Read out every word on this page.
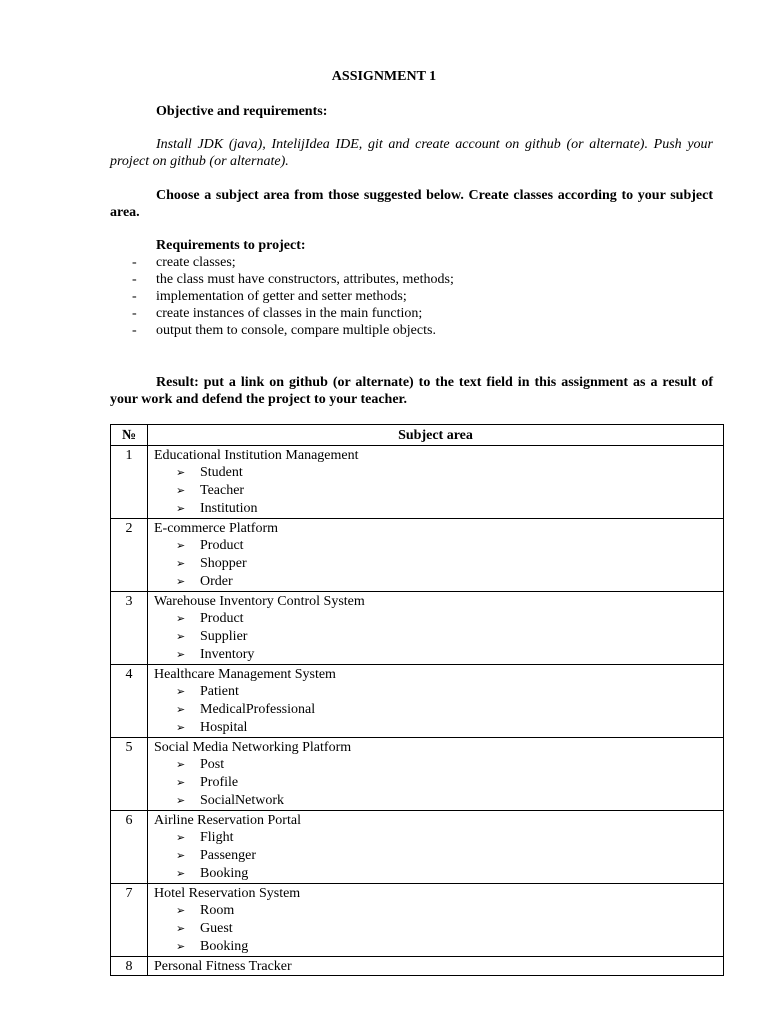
ASSIGNMENT 1
Objective and requirements:
Install JDK (java), IntelijIdea IDE, git and create account on github (or alternate). Push your project on github (or alternate).
Choose a subject area from those suggested below. Create classes according to your subject area.
Requirements to project:
- create classes;
- the class must have constructors, attributes, methods;
- implementation of getter and setter methods;
- create instances of classes in the main function;
- output them to console, compare multiple objects.
Result: put a link on github (or alternate) to the text field in this assignment as a result of your work and defend the project to your teacher.
№	Subject area
1	Educational Institution Management
➢ Student
➢ Teacher
➢ Institution

2	E-commerce Platform
➢ Product
➢ Shopper
➢ Order

3	Warehouse Inventory Control System
➢ Product
➢ Supplier
➢ Inventory

4	Healthcare Management System
➢ Patient
➢ MedicalProfessional
➢ Hospital

5	Social Media Networking Platform
➢ Post
➢ Profile
➢ SocialNetwork

6	Airline Reservation Portal
➢ Flight
➢ Passenger
➢ Booking

7	Hotel Reservation System
➢ Room
➢ Guest
➢ Booking

8	Personal Fitness Tracker
